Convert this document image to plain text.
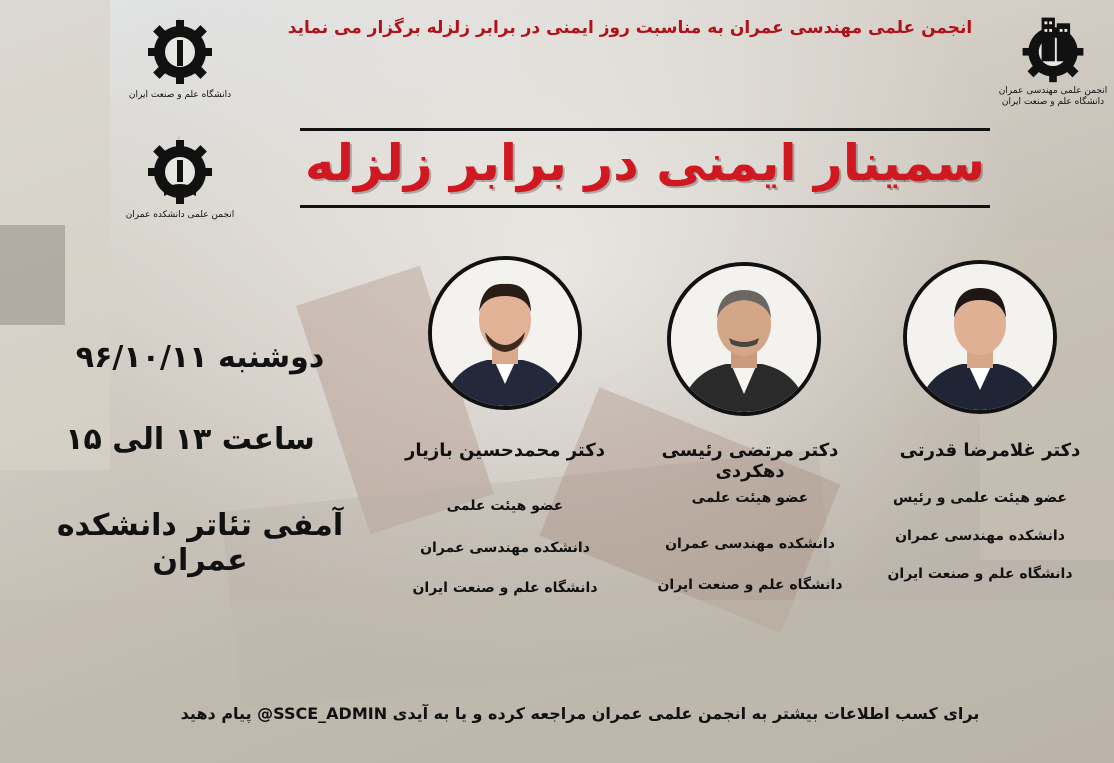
دانشگاه علم و صنعت ایران
انجمن علمی دانشکده عمران
انجمن علمی مهندسی عمران
دانشگاه علم و صنعت ایران
انجمن علمی مهندسی عمران به مناسبت روز ایمنی در برابر زلزله برگزار می نماید
سمینار ایمنی در برابر زلزله
دکتر محمدحسین بازیار
عضو هیئت علمی
دانشکده مهندسی عمران
دانشگاه علم و صنعت ایران
دکتر مرتضی رئیسی دهکردی
عضو هیئت علمی
دانشکده مهندسی عمران
دانشگاه علم و صنعت ایران
دکتر غلامرضا قدرتی
عضو هیئت علمی و رئیس
دانشکده مهندسی عمران
دانشگاه علم و صنعت ایران
دوشنبه ۹۶/۱۰/۱۱
ساعت ۱۳ الی ۱۵
آمفی تئاتر دانشکده عمران
برای کسب اطلاعات بیشتر به انجمن علمی عمران مراجعه کرده و یا به آیدی SSCE_ADMIN@ پیام دهید
